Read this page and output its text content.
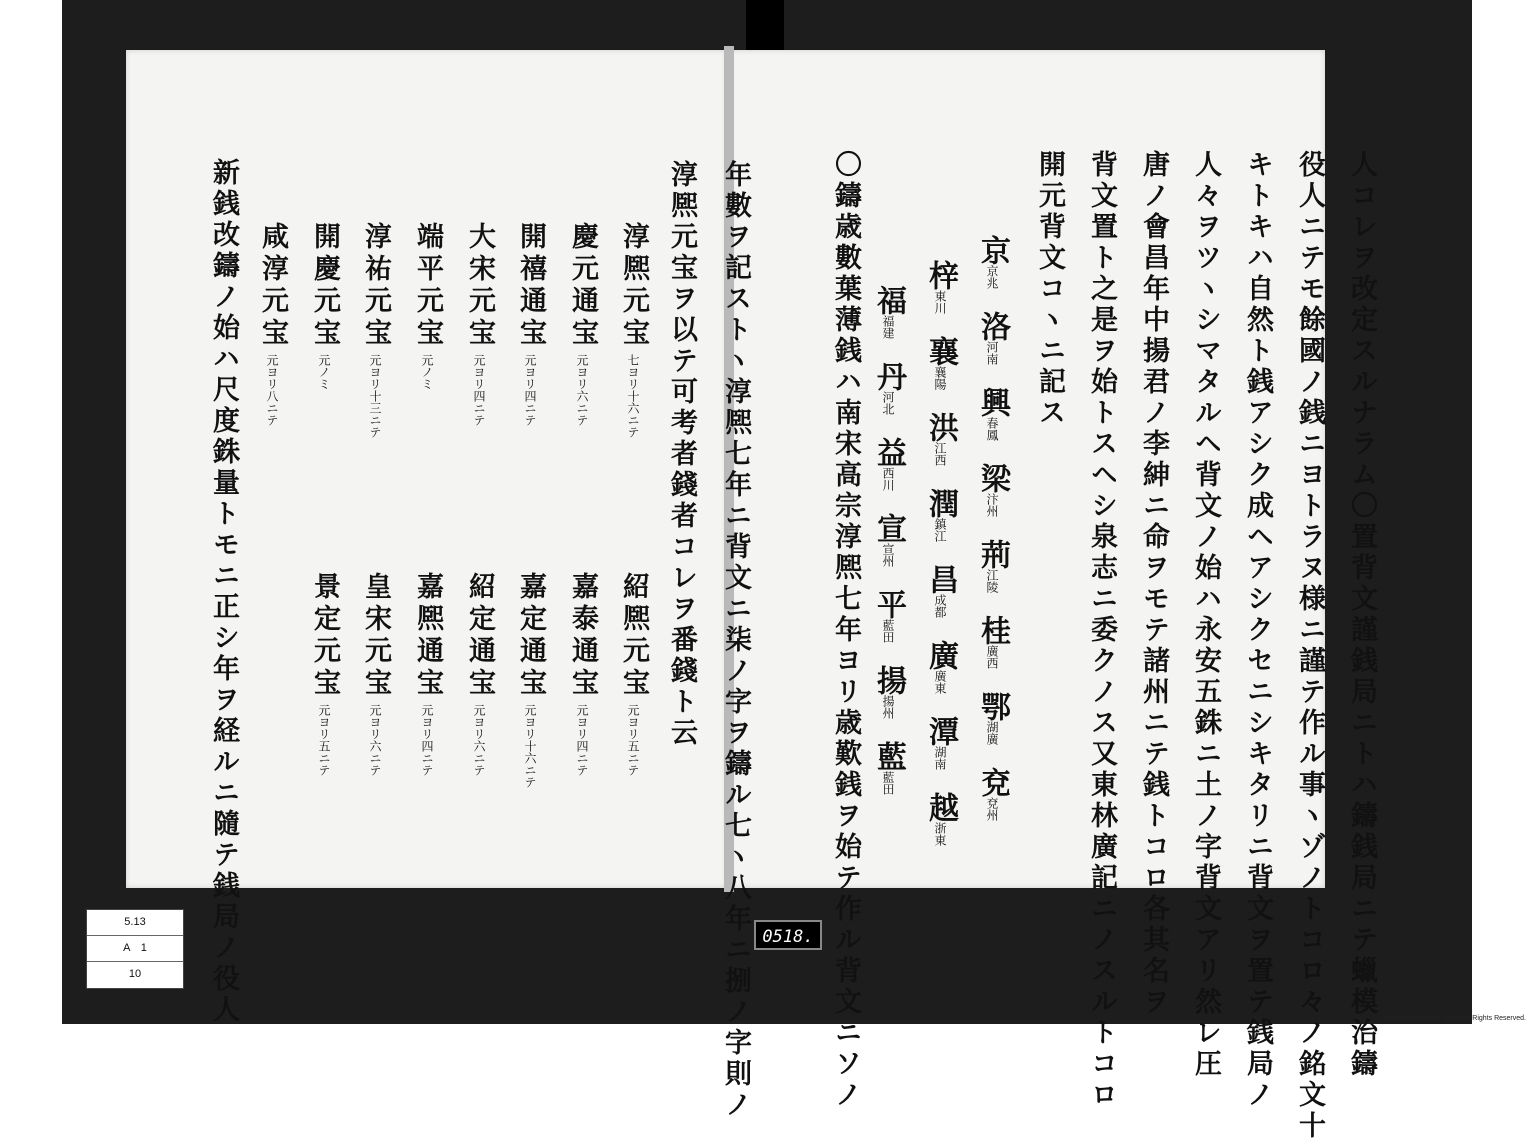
人コレヲ改定スルナラム〇置背文謹銭局ニトハ鑄銭局ニテ蠟模治鑄
役人ニテモ餘國ノ銭ニヨトラヌ様ニ謹テ作ル事ヽゾノトコロ々ノ銘文十
キトキハ自然ト銭アシク成ヘアシクセニシキタリニ背文ヲ置テ銭局ノ
人々ヲツヽシマタルヘ背文ノ始ハ永安五銖ニ土ノ字背文アリ然レ圧
唐ノ會昌年中揚君ノ李紳ニ命ヲモテ諸州ニテ銭トコロ各其名ヲ
背文置ト之是ヲ始トスヘシ泉志ニ委クノス又東林廣記ニノスルトコロ
開元背文コヽニ記ス
京京兆
洛河南
興春鳳
梁汴州
荊江陵
桂廣西
鄂湖廣
兗兗州
梓東川
襄襄陽
洪江西
潤鎮江
昌成都
廣廣東
潭湖南
越浙東
福福建
丹河北
益西川
宣宣州
平藍田
揚揚州
藍藍田
〇鑄歳數葉薄銭ハ南宋高宗淳熈七年ヨリ歳歎銭ヲ始テ作ル背文ニソノ
年數ヲ記ストヽ淳熈七年ニ背文ニ柒ノ字ヲ鑄ル七ヽ八年ニ捌ノ字則ノ
淳熈元宝ヲ以テ可考者錢者コレヲ番錢ト云
淳熈元宝七ヨリ十六ニテ
慶元通宝元ヨリ六ニテ
開禧通宝元ヨリ四ニテ
大宋元宝元ヨリ四ニテ
端平元宝元ノミ
淳祐元宝元ヨリ十三ニテ
開慶元宝元ノミ
咸淳元宝元ヨリ八ニテ
紹熈元宝元ヨリ五ニテ
嘉泰通宝元ヨリ四ニテ
嘉定通宝元ヨリ十六ニテ
紹定通宝元ヨリ六ニテ
嘉熈通宝元ヨリ四ニテ
皇宋元宝元ヨリ六ニテ
景定元宝元ヨリ五ニテ
新銭改鑄ノ始ハ尺度銖量トモニ正シ年ヲ経ルニ隨テ銭局ノ役人
5.13
A　1
10
0518.
Copyright Bank of Japan All Rights Reserved.
